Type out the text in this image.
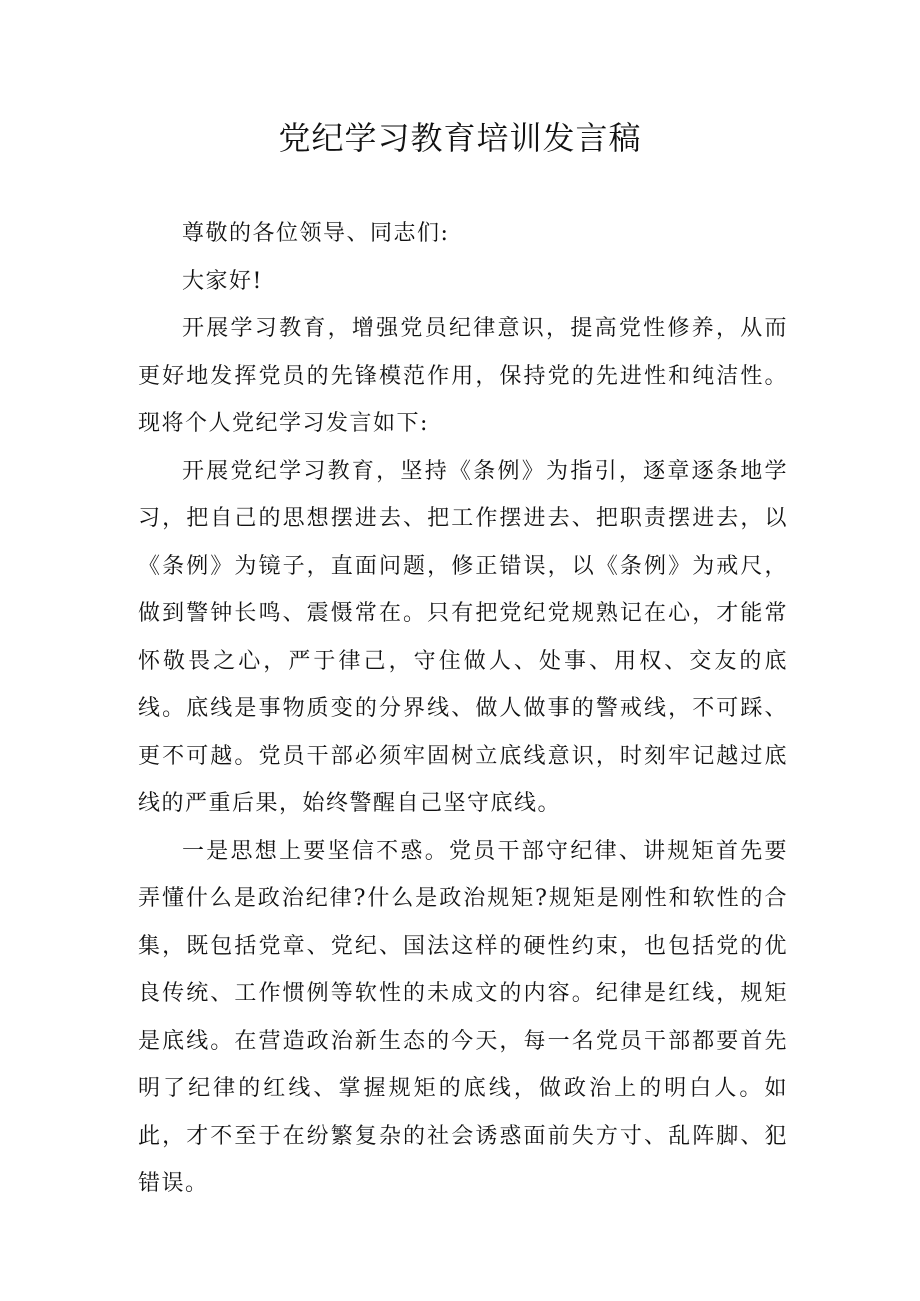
党纪学习教育培训发言稿

尊敬的各位领导、同志们:

大家好!

开展学习教育，增强党员纪律意识，提高党性修养，从而更好地发挥党员的先锋模范作用，保持党的先进性和纯洁性。现将个人党纪学习发言如下:

开展党纪学习教育，坚持《条例》为指引，逐章逐条地学习，把自己的思想摆进去、把工作摆进去、把职责摆进去，以《条例》为镜子，直面问题，修正错误，以《条例》为戒尺，做到警钟长鸣、震慑常在。只有把党纪党规熟记在心，才能常怀敬畏之心，严于律己，守住做人、处事、用权、交友的底线。底线是事物质变的分界线、做人做事的警戒线，不可踩、更不可越。党员干部必须牢固树立底线意识，时刻牢记越过底线的严重后果，始终警醒自己坚守底线。

一是思想上要坚信不惑。党员干部守纪律、讲规矩首先要弄懂什么是政治纪律?什么是政治规矩?规矩是刚性和软性的合集，既包括党章、党纪、国法这样的硬性约束，也包括党的优良传统、工作惯例等软性的未成文的内容。纪律是红线，规矩是底线。在营造政治新生态的今天，每一名党员干部都要首先明了纪律的红线、掌握规矩的底线，做政治上的明白人。如此，才不至于在纷繁复杂的社会诱惑面前失方寸、乱阵脚、犯错误。
